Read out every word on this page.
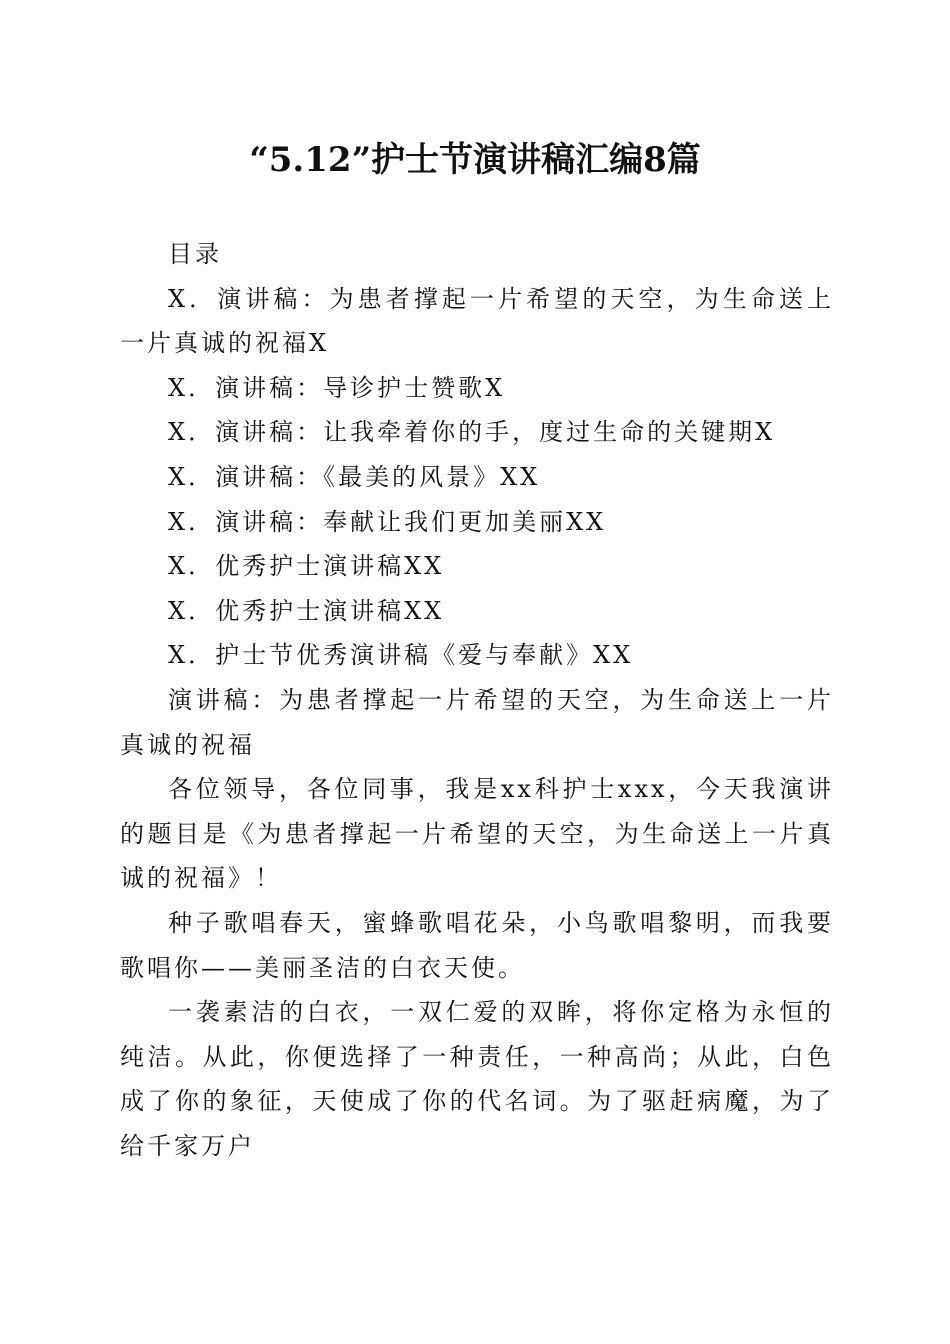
“5.12”护士节演讲稿汇编8篇

目录

X．演讲稿：为患者撑起一片希望的天空，为生命送上一片真诚的祝福X

X．演讲稿：导诊护士赞歌X

X．演讲稿：让我牵着你的手，度过生命的关键期X

X．演讲稿：《最美的风景》XX

X．演讲稿：奉献让我们更加美丽XX

X．优秀护士演讲稿XX

X．优秀护士演讲稿XX

X．护士节优秀演讲稿《爱与奉献》XX

演讲稿：为患者撑起一片希望的天空，为生命送上一片真诚的祝福

各位领导，各位同事，我是xx科护士xxx，今天我演讲的题目是《为患者撑起一片希望的天空，为生命送上一片真诚的祝福》！

种子歌唱春天，蜜蜂歌唱花朵，小鸟歌唱黎明，而我要歌唱你——美丽圣洁的白衣天使。

一袭素洁的白衣，一双仁爱的双眸，将你定格为永恒的纯洁。从此，你便选择了一种责任，一种高尚；从此，白色成了你的象征，天使成了你的代名词。为了驱赶病魔，为了给千家万户
